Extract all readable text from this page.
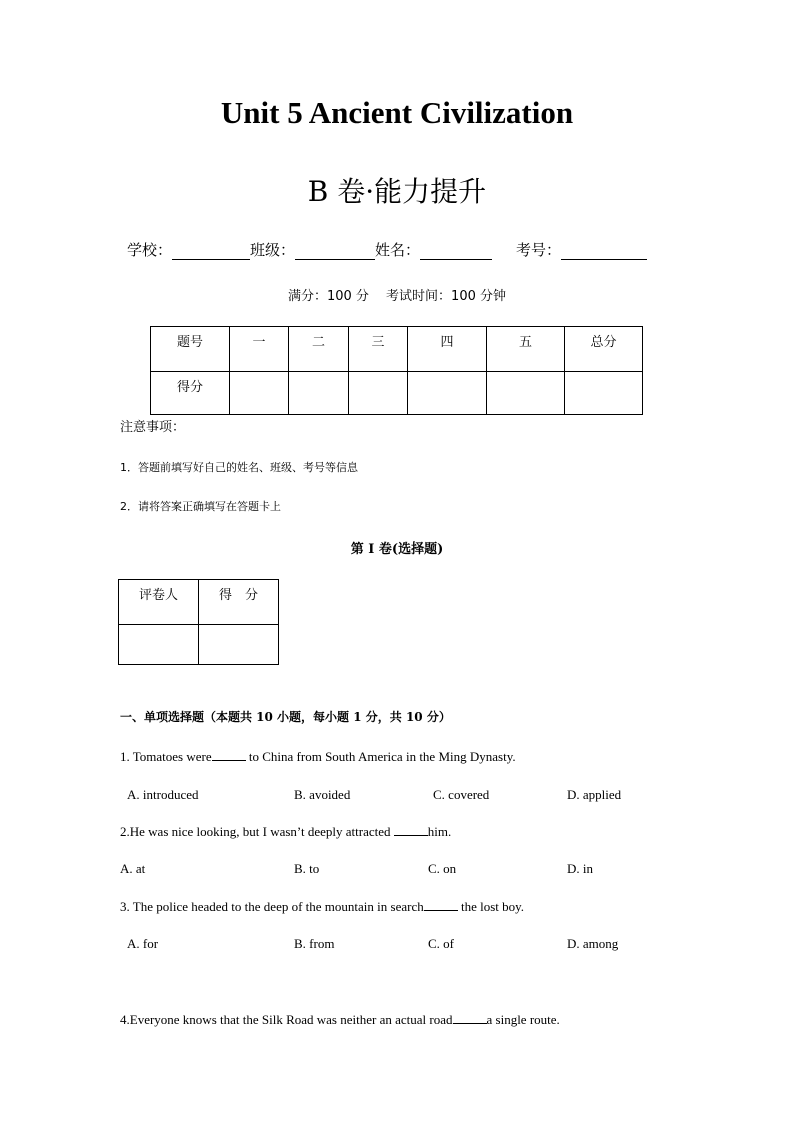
Unit 5 Ancient Civilization
B 卷·能力提升
学校：	班级：	姓名：	考号：
满分：100 分　 考试时间：100 分钟
题号	一	二	三	四	五	总分
得分						
注意事项：
1．答题前填写好自己的姓名、班级、考号等信息
2．请将答案正确填写在答题卡上
第 I 卷(选择题)
评卷人	得　分

一、单项选择题（本题共 10 小题，每小题 1 分，共 10 分）
1. Tomatoes were	to China from South America in the Ming Dynasty.
A. introduced	B. avoided	C. covered	D. applied
2.He was nice looking, but I wasn’t deeply attracted	him.
A. at	B. to	C. on	D. in
3. The police headed to the deep of the mountain in search	the lost boy.
A. for	B. from	C. of	D. among
4.Everyone knows that the Silk Road was neither an actual road	a single route.
